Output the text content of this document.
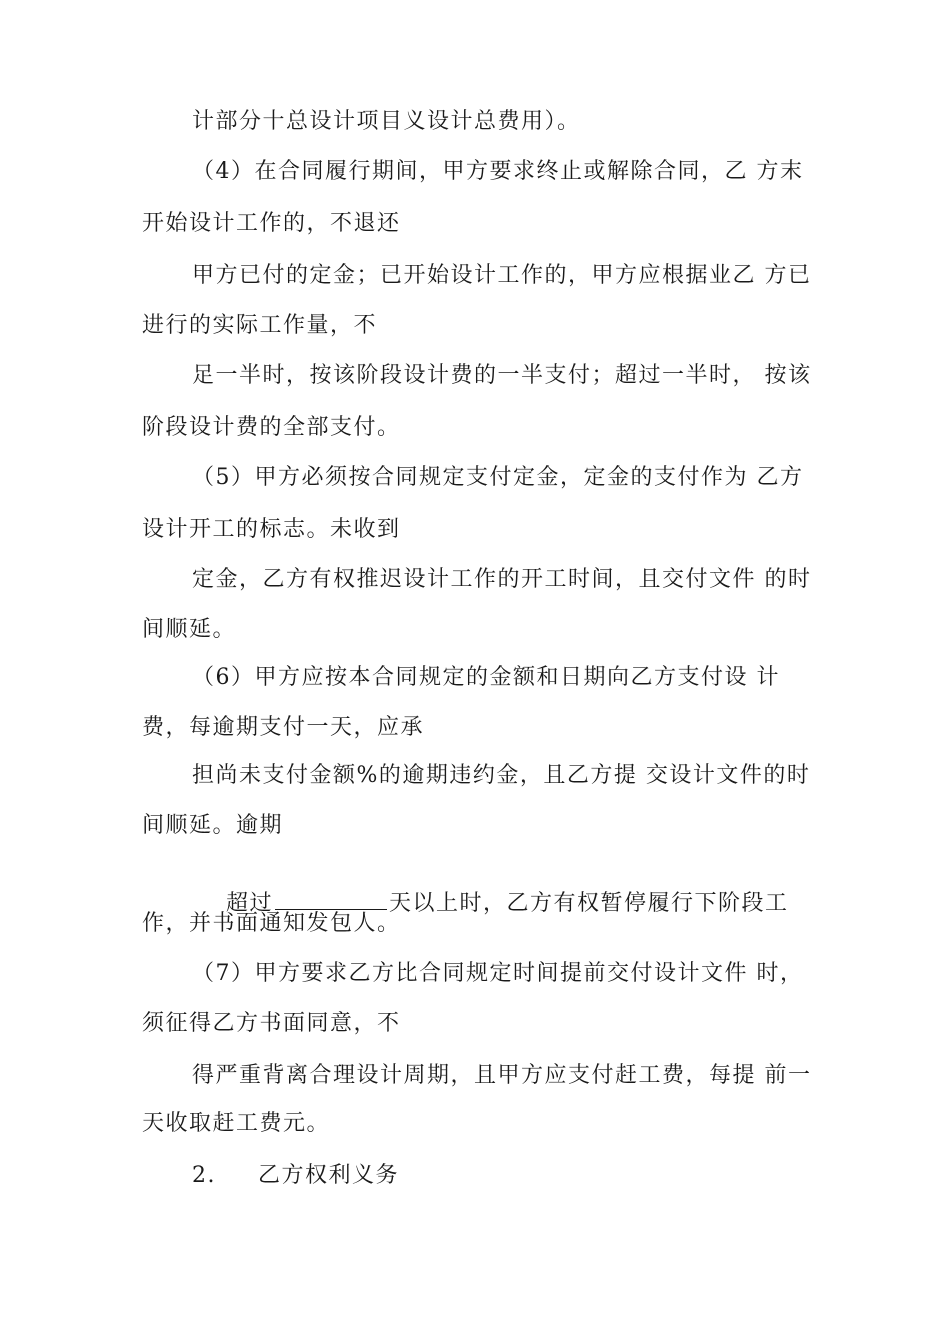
计部分十总设计项目义设计总费用）。
（4）在合同履行期间，甲方要求终止或解除合同，乙 方末
开始设计工作的，不退还
甲方已付的定金；已开始设计工作的，甲方应根据业乙 方已
进行的实际工作量，不
足一半时，按该阶段设计费的一半支付；超过一半时， 按该
阶段设计费的全部支付。
（5）甲方必须按合同规定支付定金，定金的支付作为 乙方
设计开工的标志。未收到
定金，乙方有权推迟设计工作的开工时间，且交付文件 的时
间顺延。
（6）甲方应按本合同规定的金额和日期向乙方支付设 计
费，每逾期支付一天，应承
担尚未支付金额%的逾期违约金，且乙方提 交设计文件的时
间顺延。逾期

超过	天以上时，乙方有权暂停履行下阶段工

作，并书面通知发包人。
（7）甲方要求乙方比合同规定时间提前交付设计文件 时，
须征得乙方书面同意，不
得严重背离合理设计周期，且甲方应支付赶工费，每提 前一
天收取赶工费元。
2. 乙方权利义务
